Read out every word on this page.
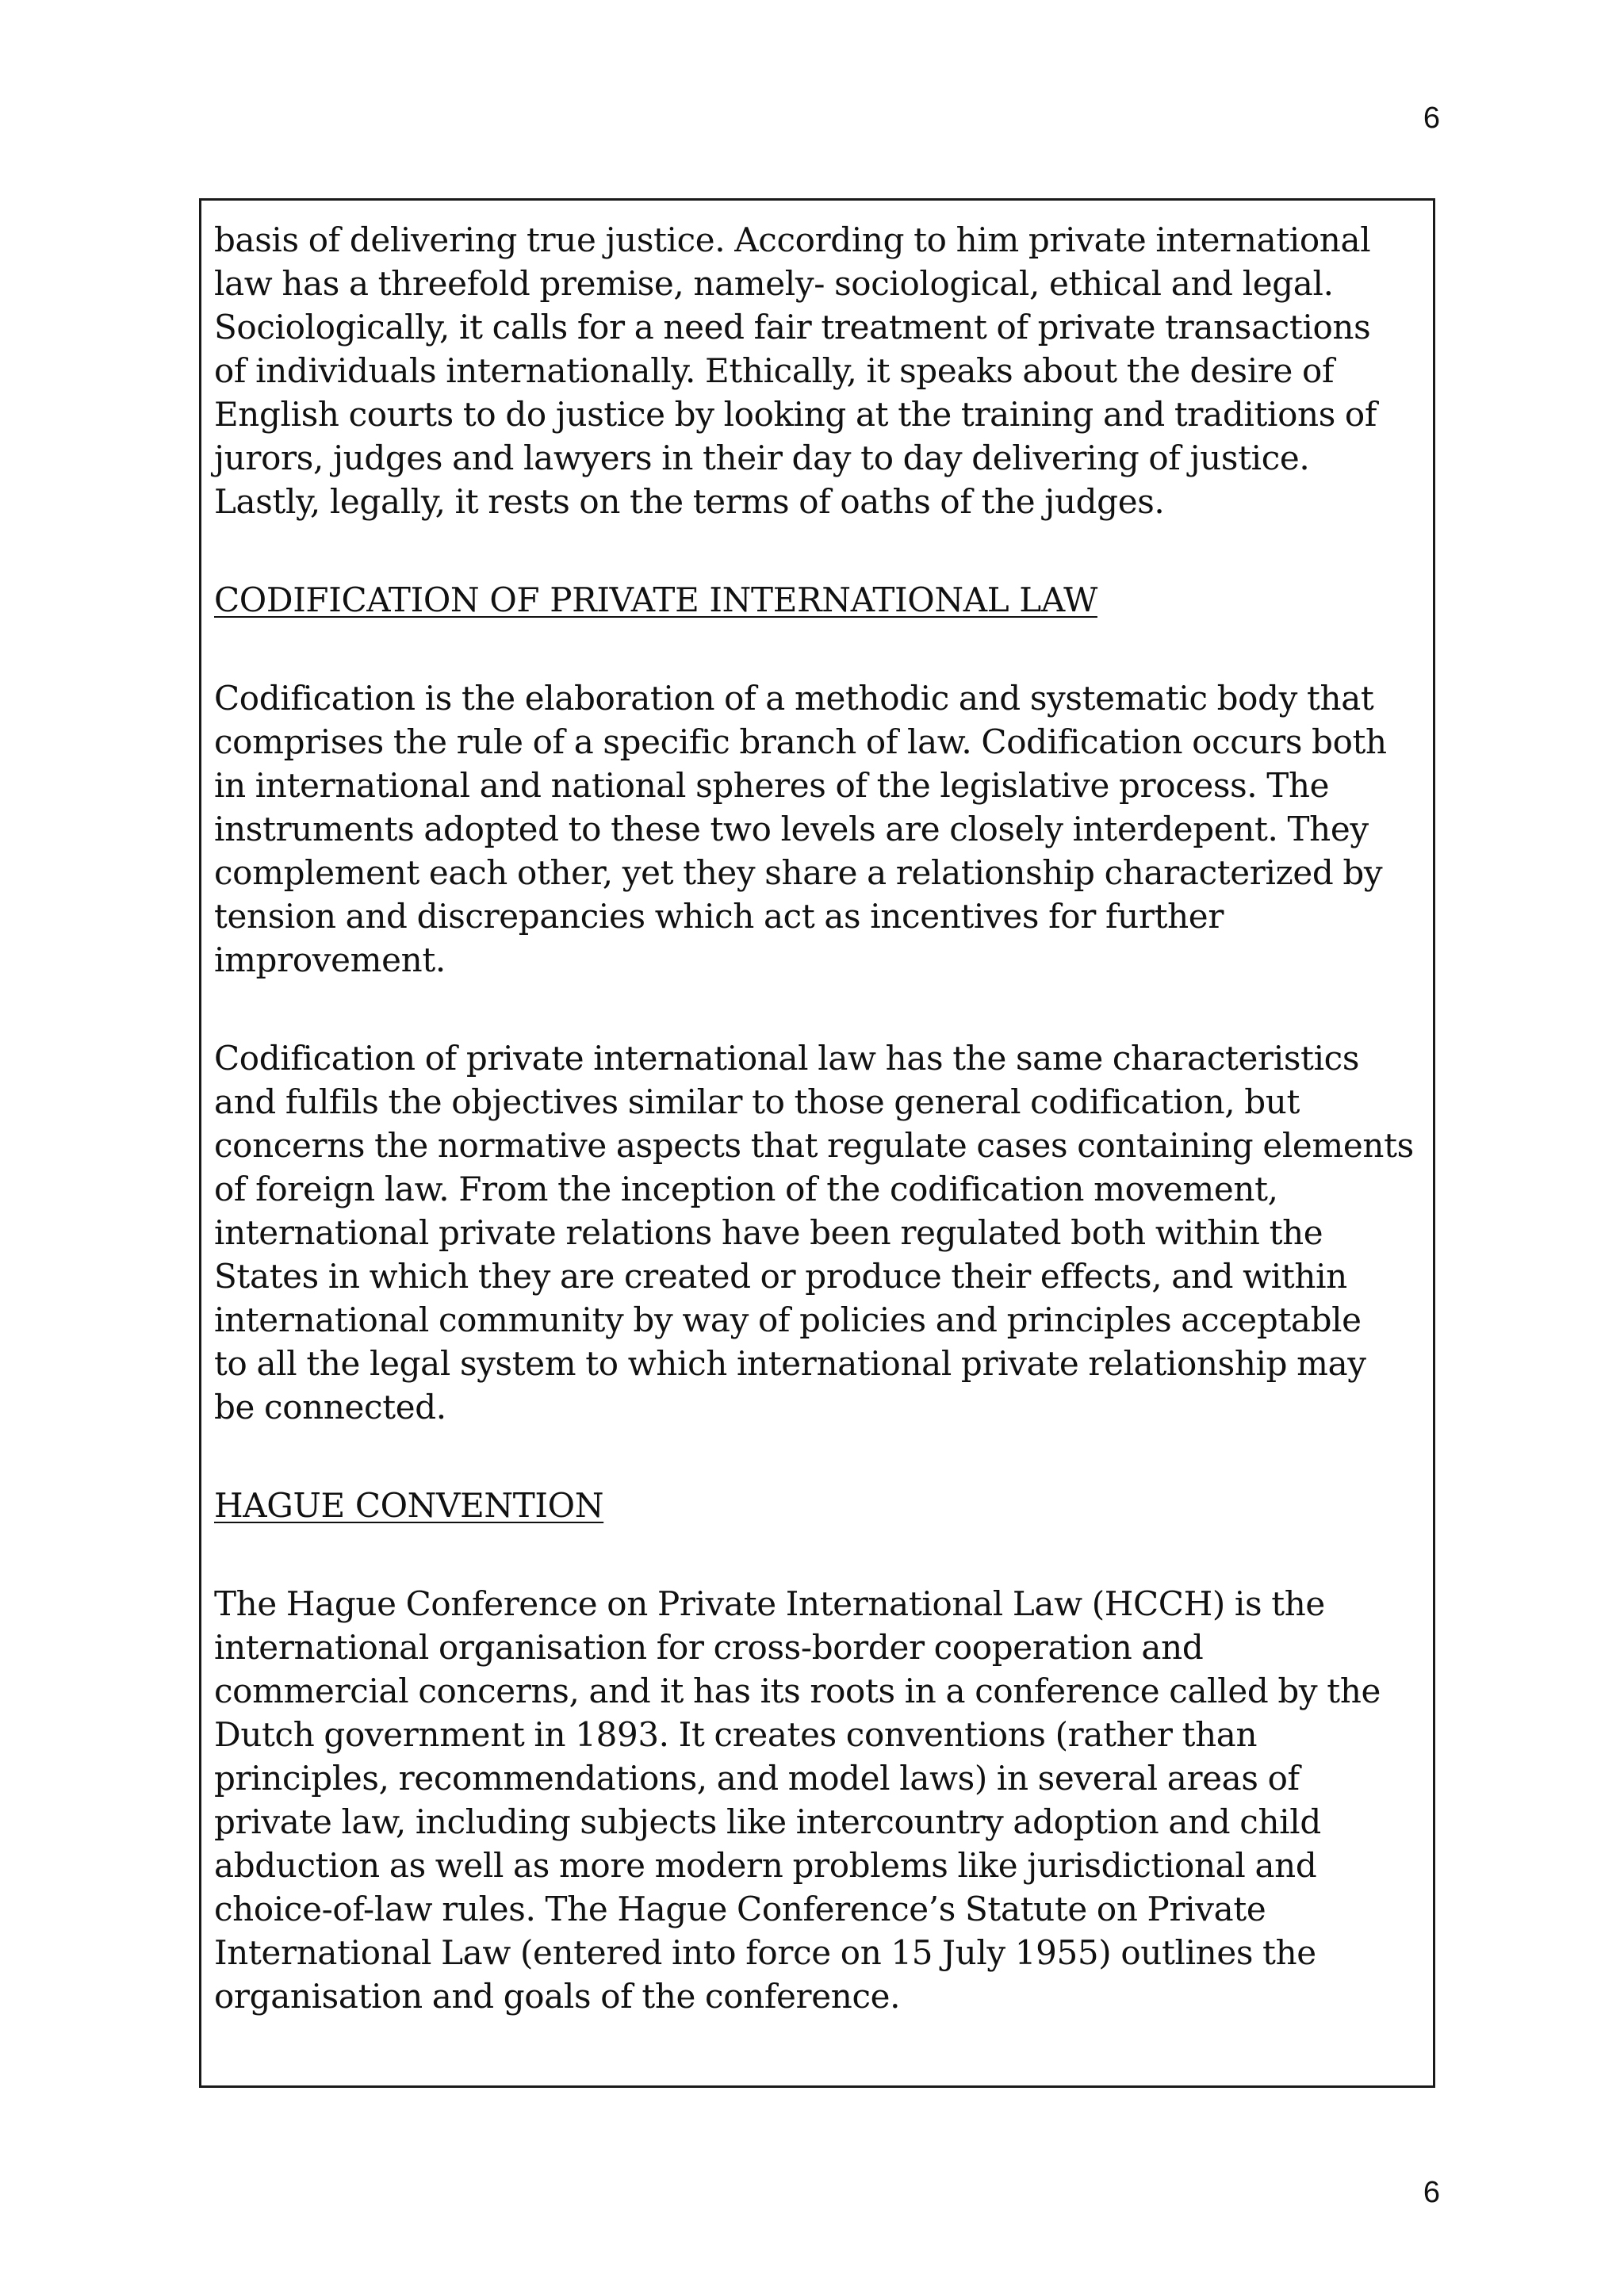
6

basis of delivering true justice. According to him private international
law has a threefold premise, namely- sociological, ethical and legal.
Sociologically, it calls for a need fair treatment of private transactions
of individuals internationally. Ethically, it speaks about the desire of
English courts to do justice by looking at the training and traditions of
jurors, judges and lawyers in their day to day delivering of justice.
Lastly, legally, it rests on the terms of oaths of the judges.

CODIFICATION OF PRIVATE INTERNATIONAL LAW

Codification is the elaboration of a methodic and systematic body that
comprises the rule of a specific branch of law. Codification occurs both
in international and national spheres of the legislative process. The
instruments adopted to these two levels are closely interdepent. They
complement each other, yet they share a relationship characterized by
tension and discrepancies which act as incentives for further
improvement.

Codification of private international law has the same characteristics
and fulfils the objectives similar to those general codification, but
concerns the normative aspects that regulate cases containing elements
of foreign law. From the inception of the codification movement,
international private relations have been regulated both within the
States in which they are created or produce their effects, and within
international community by way of policies and principles acceptable
to all the legal system to which international private relationship may
be connected.

HAGUE CONVENTION

The Hague Conference on Private International Law (HCCH) is the
international organisation for cross-border cooperation and
commercial concerns, and it has its roots in a conference called by the
Dutch government in 1893. It creates conventions (rather than
principles, recommendations, and model laws) in several areas of
private law, including subjects like intercountry adoption and child
abduction as well as more modern problems like jurisdictional and
choice-of-law rules. The Hague Conference’s Statute on Private
International Law (entered into force on 15 July 1955) outlines the
organisation and goals of the conference.

6
